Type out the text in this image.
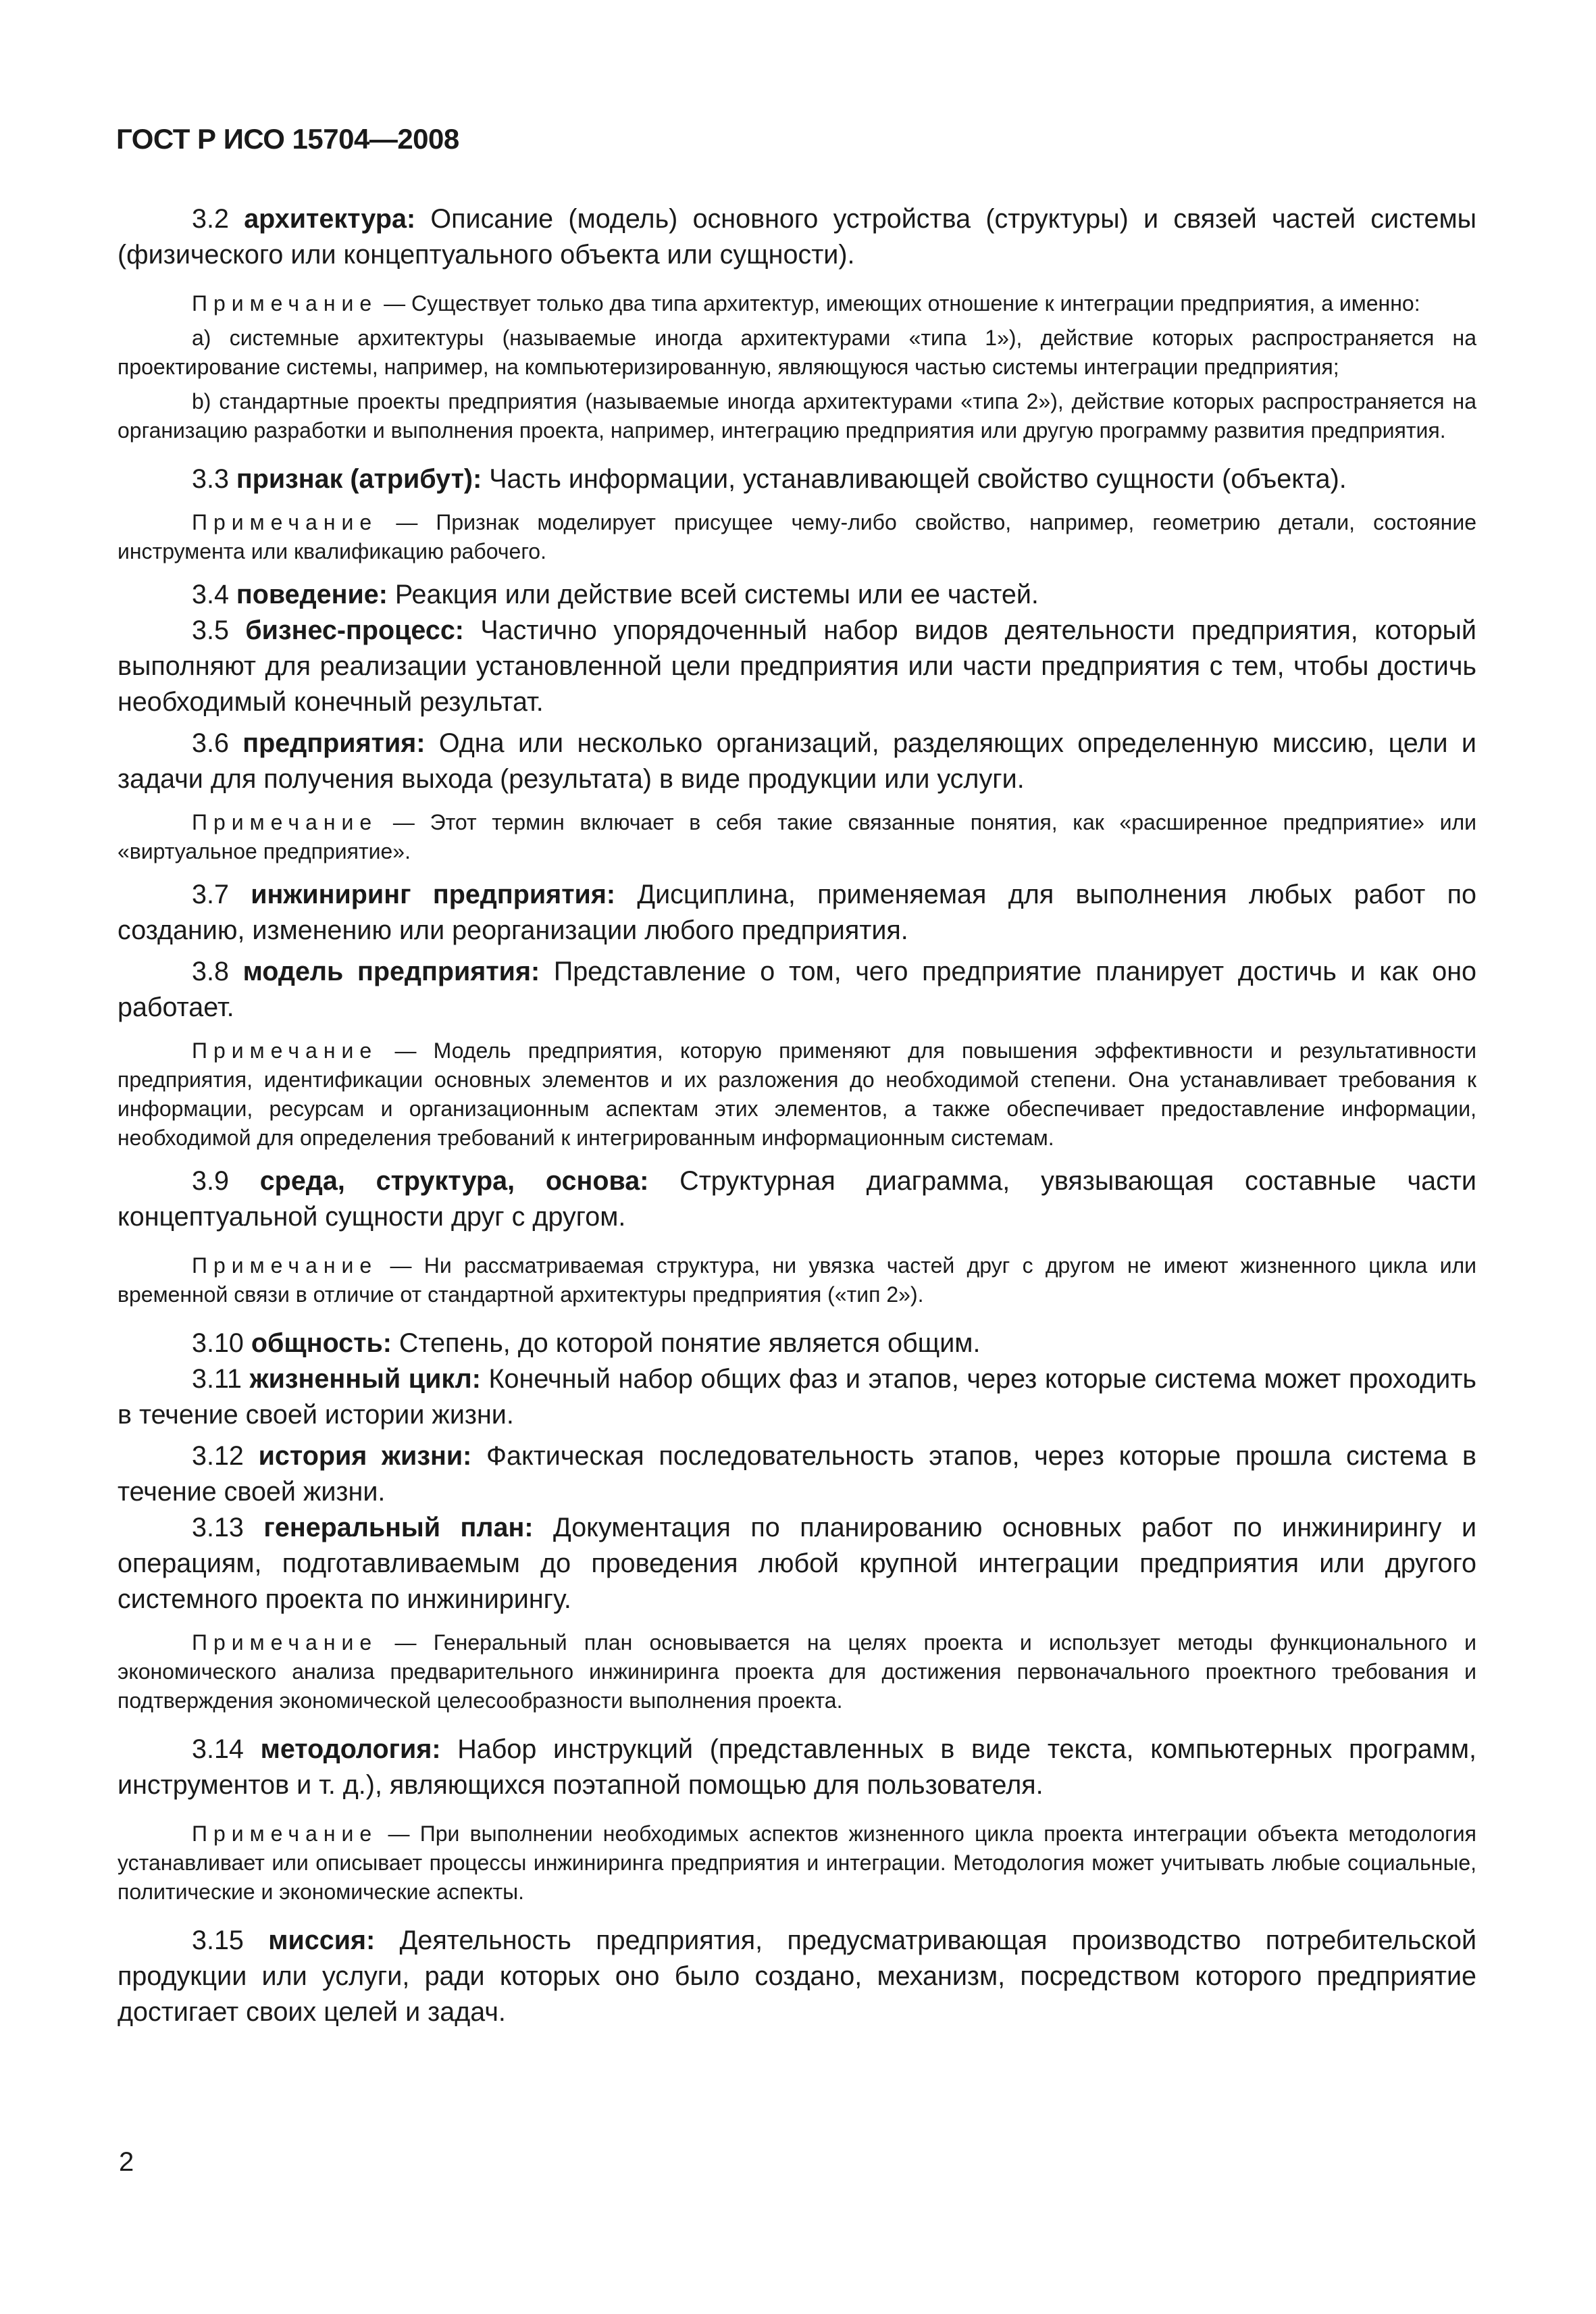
ГОСТ Р ИСО 15704—2008

3.2 архитектура: Описание (модель) основного устройства (структуры) и связей частей системы (физического или концептуального объекта или сущности).

Примечание — Существует только два типа архитектур, имеющих отношение к интеграции предприятия, а именно:

a) системные архитектуры (называемые иногда архитектурами «типа 1»), действие которых распространяется на проектирование системы, например, на компьютеризированную, являющуюся частью системы интеграции предприятия;

b) стандартные проекты предприятия (называемые иногда архитектурами «типа 2»), действие которых распространяется на организацию разработки и выполнения проекта, например, интеграцию предприятия или другую программу развития предприятия.

3.3 признак (атрибут): Часть информации, устанавливающей свойство сущности (объекта).

Примечание — Признак моделирует присущее чему-либо свойство, например, геометрию детали, состояние инструмента или квалификацию рабочего.

3.4 поведение: Реакция или действие всей системы или ее частей.

3.5 бизнес-процесс: Частично упорядоченный набор видов деятельности предприятия, который выполняют для реализации установленной цели предприятия или части предприятия с тем, чтобы достичь необходимый конечный результат.

3.6 предприятия: Одна или несколько организаций, разделяющих определенную миссию, цели и задачи для получения выхода (результата) в виде продукции или услуги.

Примечание — Этот термин включает в себя такие связанные понятия, как «расширенное предприятие» или «виртуальное предприятие».

3.7 инжиниринг предприятия: Дисциплина, применяемая для выполнения любых работ по созданию, изменению или реорганизации любого предприятия.

3.8 модель предприятия: Представление о том, чего предприятие планирует достичь и как оно работает.

Примечание — Модель предприятия, которую применяют для повышения эффективности и результативности предприятия, идентификации основных элементов и их разложения до необходимой степени. Она устанавливает требования к информации, ресурсам и организационным аспектам этих элементов, а также обеспечивает предоставление информации, необходимой для определения требований к интегрированным информационным системам.

3.9 среда, структура, основа: Структурная диаграмма, увязывающая составные части концептуальной сущности друг с другом.

Примечание — Ни рассматриваемая структура, ни увязка частей друг с другом не имеют жизненного цикла или временной связи в отличие от стандартной архитектуры предприятия («тип 2»).

3.10 общность: Степень, до которой понятие является общим.

3.11 жизненный цикл: Конечный набор общих фаз и этапов, через которые система может проходить в течение своей истории жизни.

3.12 история жизни: Фактическая последовательность этапов, через которые прошла система в течение своей жизни.

3.13 генеральный план: Документация по планированию основных работ по инжинирингу и операциям, подготавливаемым до проведения любой крупной интеграции предприятия или другого системного проекта по инжинирингу.

Примечание — Генеральный план основывается на целях проекта и использует методы функционального и экономического анализа предварительного инжиниринга проекта для достижения первоначального проектного требования и подтверждения экономической целесообразности выполнения проекта.

3.14 методология: Набор инструкций (представленных в виде текста, компьютерных программ, инструментов и т. д.), являющихся поэтапной помощью для пользователя.

Примечание — При выполнении необходимых аспектов жизненного цикла проекта интеграции объекта методология устанавливает или описывает процессы инжиниринга предприятия и интеграции. Методология может учитывать любые социальные, политические и экономические аспекты.

3.15 миссия: Деятельность предприятия, предусматривающая производство потребительской продукции или услуги, ради которых оно было создано, механизм, посредством которого предприятие достигает своих целей и задач.

2
